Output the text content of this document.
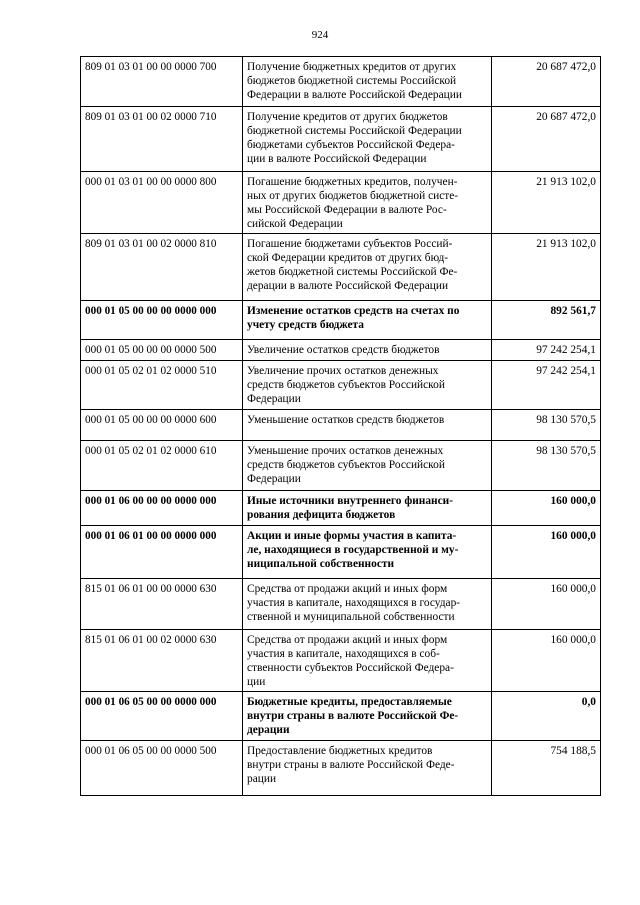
924
809 01 03 01 00 00 0000 700	Получение бюджетных кредитов от других
бюджетов бюджетной системы Российской
Федерации в валюте Российской Федерации	20 687 472,0
809 01 03 01 00 02 0000 710	Получение кредитов от других бюджетов
бюджетной системы Российской Федерации
бюджетами субъектов Российской Федера-
ции в валюте Российской Федерации	20 687 472,0
000 01 03 01 00 00 0000 800	Погашение бюджетных кредитов, получен-
ных от других бюджетов бюджетной систе-
мы Российской Федерации в валюте Рос-
сийской Федерации	21 913 102,0
809 01 03 01 00 02 0000 810	Погашение бюджетами субъектов Россий-
ской Федерации кредитов от других бюд-
жетов бюджетной системы Российской Фе-
дерации в валюте Российской Федерации	21 913 102,0
000 01 05 00 00 00 0000 000	Изменение остатков средств на счетах по
учету средств бюджета	892 561,7
000 01 05 00 00 00 0000 500	Увеличение остатков средств бюджетов	97 242 254,1
000 01 05 02 01 02 0000 510	Увеличение прочих остатков денежных
средств бюджетов субъектов Российской
Федерации	97 242 254,1
000 01 05 00 00 00 0000 600	Уменьшение остатков средств бюджетов	98 130 570,5
000 01 05 02 01 02 0000 610	Уменьшение прочих остатков денежных
средств бюджетов субъектов Российской
Федерации	98 130 570,5
000 01 06 00 00 00 0000 000	Иные источники внутреннего финанси-
рования дефицита бюджетов	160 000,0
000 01 06 01 00 00 0000 000	Акции и иные формы участия в капита-
ле, находящиеся в государственной и му-
ниципальной собственности	160 000,0
815 01 06 01 00 00 0000 630	Средства от продажи акций и иных форм
участия в капитале, находящихся в государ-
ственной и муниципальной собственности	160 000,0
815 01 06 01 00 02 0000 630	Средства от продажи акций и иных форм
участия в капитале, находящихся в соб-
ственности субъектов Российской Федера-
ции	160 000,0
000 01 06 05 00 00 0000 000	Бюджетные кредиты, предоставляемые
внутри страны в валюте Российской Фе-
дерации	0,0
000 01 06 05 00 00 0000 500	Предоставление бюджетных кредитов
внутри страны в валюте Российской Феде-
рации	754 188,5
